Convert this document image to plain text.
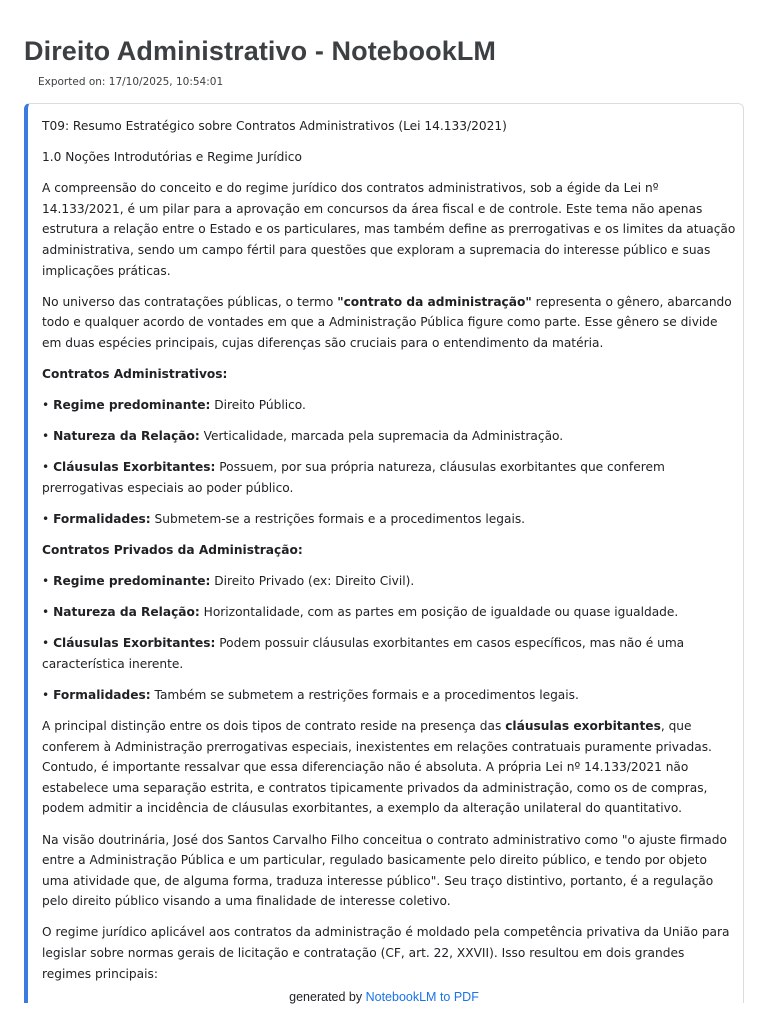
Direito Administrativo - NotebookLM
Exported on: 17/10/2025, 10:54:01

T09: Resumo Estratégico sobre Contratos Administrativos (Lei 14.133/2021)

1.0 Noções Introdutórias e Regime Jurídico

A compreensão do conceito e do regime jurídico dos contratos administrativos, sob a égide da Lei nº 14.133/2021, é um pilar para a aprovação em concursos da área fiscal e de controle. Este tema não apenas estrutura a relação entre o Estado e os particulares, mas também define as prerrogativas e os limites da atuação administrativa, sendo um campo fértil para questões que exploram a supremacia do interesse público e suas implicações práticas.

No universo das contratações públicas, o termo "contrato da administração" representa o gênero, abarcando todo e qualquer acordo de vontades em que a Administração Pública figure como parte. Esse gênero se divide em duas espécies principais, cujas diferenças são cruciais para o entendimento da matéria.

Contratos Administrativos:

• Regime predominante: Direito Público.

• Natureza da Relação: Verticalidade, marcada pela supremacia da Administração.

• Cláusulas Exorbitantes: Possuem, por sua própria natureza, cláusulas exorbitantes que conferem prerrogativas especiais ao poder público.

• Formalidades: Submetem-se a restrições formais e a procedimentos legais.

Contratos Privados da Administração:

• Regime predominante: Direito Privado (ex: Direito Civil).

• Natureza da Relação: Horizontalidade, com as partes em posição de igualdade ou quase igualdade.

• Cláusulas Exorbitantes: Podem possuir cláusulas exorbitantes em casos específicos, mas não é uma característica inerente.

• Formalidades: Também se submetem a restrições formais e a procedimentos legais.

A principal distinção entre os dois tipos de contrato reside na presença das cláusulas exorbitantes, que conferem à Administração prerrogativas especiais, inexistentes em relações contratuais puramente privadas. Contudo, é importante ressalvar que essa diferenciação não é absoluta. A própria Lei nº 14.133/2021 não estabelece uma separação estrita, e contratos tipicamente privados da administração, como os de compras, podem admitir a incidência de cláusulas exorbitantes, a exemplo da alteração unilateral do quantitativo.

Na visão doutrinária, José dos Santos Carvalho Filho conceitua o contrato administrativo como "o ajuste firmado entre a Administração Pública e um particular, regulado basicamente pelo direito público, e tendo por objeto uma atividade que, de alguma forma, traduza interesse público". Seu traço distintivo, portanto, é a regulação pelo direito público visando a uma finalidade de interesse coletivo.

O regime jurídico aplicável aos contratos da administração é moldado pela competência privativa da União para legislar sobre normas gerais de licitação e contratação (CF, art. 22, XXVII). Isso resultou em dois grandes regimes principais:

generated by NotebookLM to PDF
